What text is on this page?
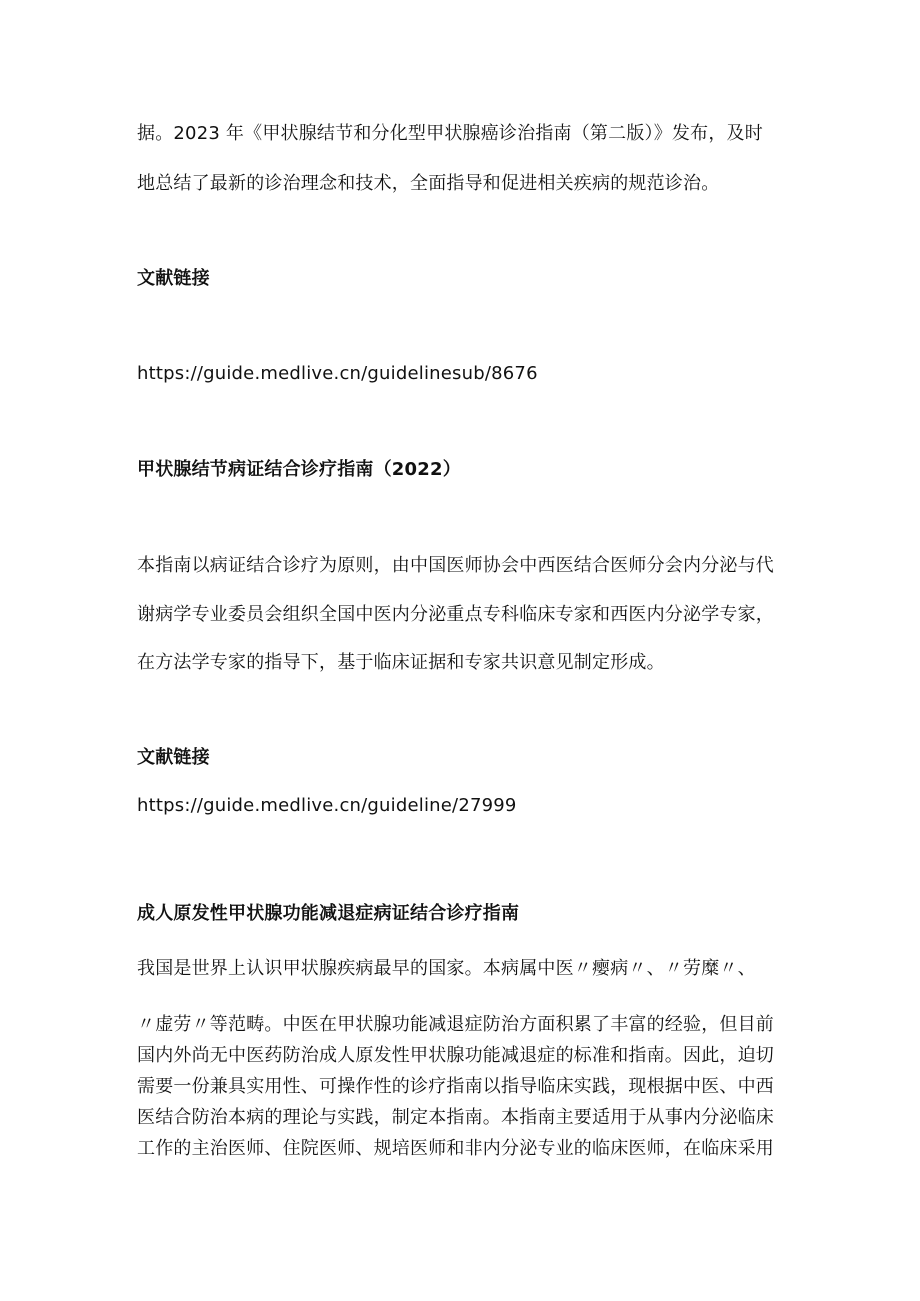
据。2023 年《甲状腺结节和分化型甲状腺癌诊治指南（第二版）》发布，及时
地总结了最新的诊治理念和技术，全面指导和促进相关疾病的规范诊治。
文献链接
https://guide.medlive.cn/guidelinesub/8676
甲状腺结节病证结合诊疗指南（2022）
本指南以病证结合诊疗为原则，由中国医师协会中西医结合医师分会内分泌与代
谢病学专业委员会组织全国中医内分泌重点专科临床专家和西医内分泌学专家，
在方法学专家的指导下，基于临床证据和专家共识意见制定形成。
文献链接
https://guide.medlive.cn/guideline/27999
成人原发性甲状腺功能减退症病证结合诊疗指南
我国是世界上认识甲状腺疾病最早的国家。本病属中医〃瘿病〃、〃劳糜〃、
〃虚劳〃等范畴。中医在甲状腺功能减退症防治方面积累了丰富的经验，但目前
国内外尚无中医药防治成人原发性甲状腺功能减退症的标准和指南。因此，迫切
需要一份兼具实用性、可操作性的诊疗指南以指导临床实践，现根据中医、中西
医结合防治本病的理论与实践，制定本指南。本指南主要适用于从事内分泌临床
工作的主治医师、住院医师、规培医师和非内分泌专业的临床医师，在临床采用
